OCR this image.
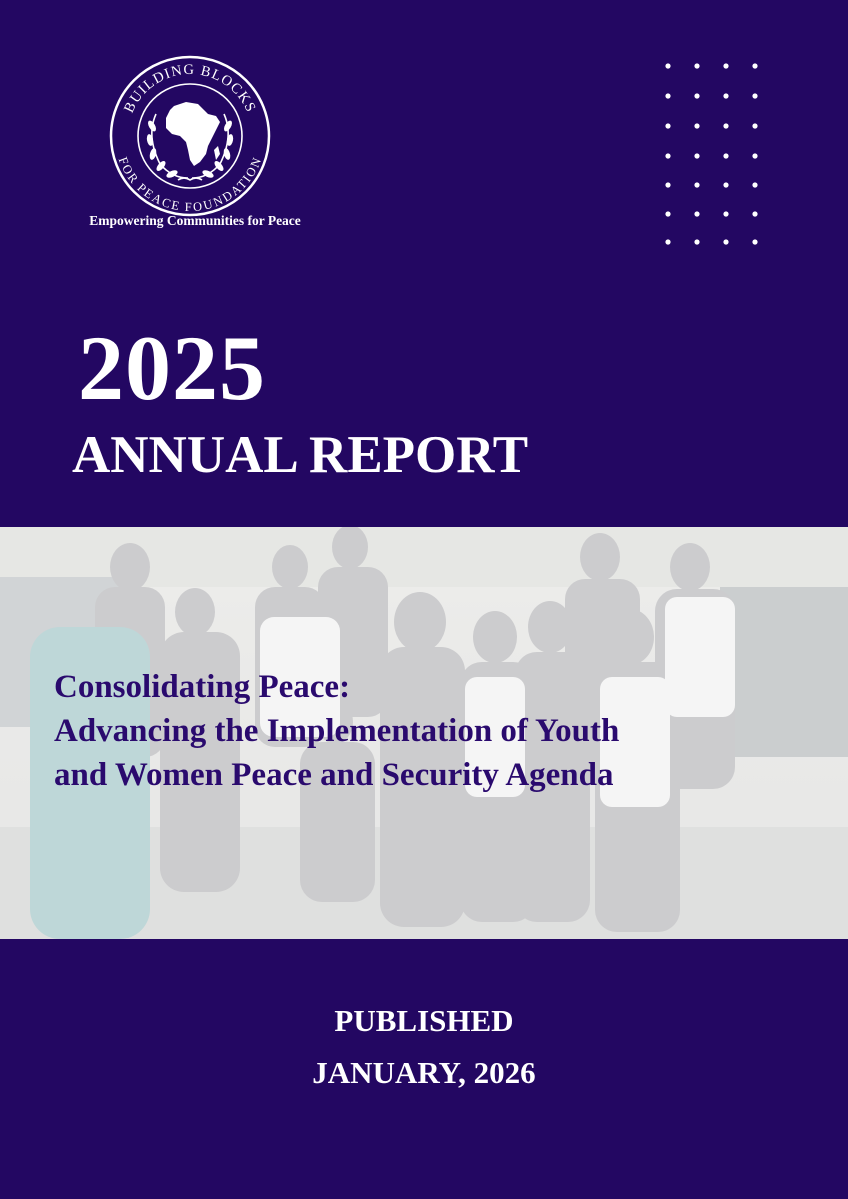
BUILDING BLOCKS
FOR PEACE FOUNDATION
Empowering Communities for Peace
2025
ANNUAL REPORT
Consolidating Peace:
Advancing the Implementation of Youth
and Women Peace and Security Agenda
PUBLISHED
JANUARY, 2026
